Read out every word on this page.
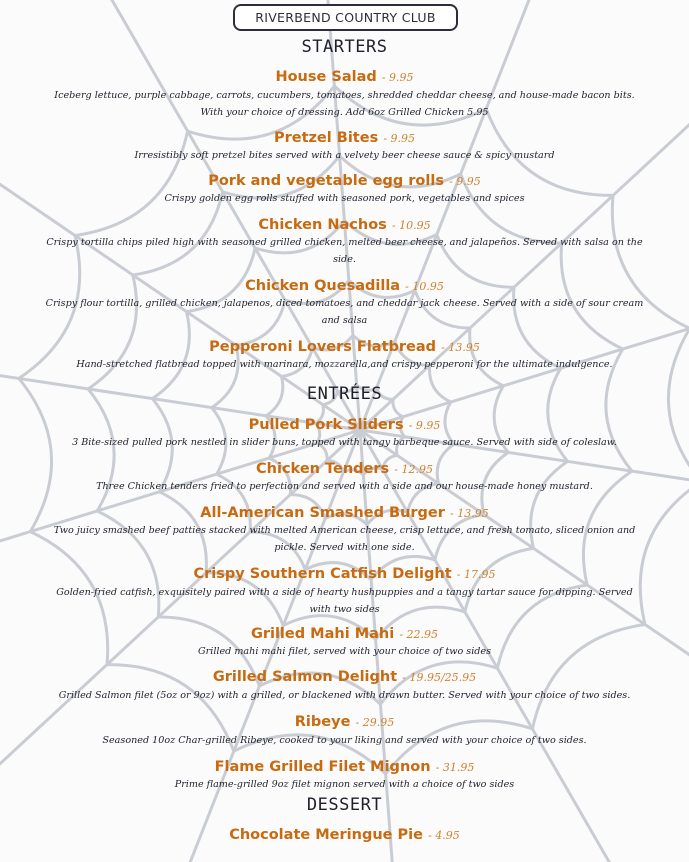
RIVERBEND COUNTRY CLUB
STARTERS
House Salad - 9.95
Iceberg lettuce, purple cabbage, carrots, cucumbers, tomatoes, shredded cheddar cheese, and house-made bacon bits. With your choice of dressing. Add 6oz Grilled Chicken 5.95
Pretzel Bites - 9.95
Irresistibly soft pretzel bites served with a velvety beer cheese sauce & spicy mustard
Pork and vegetable egg rolls - 9.95
Crispy golden egg rolls stuffed with seasoned pork, vegetables and spices
Chicken Nachos - 10.95
Crispy tortilla chips piled high with seasoned grilled chicken, melted beer cheese, and jalapeños. Served with salsa on the side.
Chicken Quesadilla - 10.95
Crispy flour tortilla, grilled chicken, jalapenos, diced tomatoes, and cheddar jack cheese. Served with a side of sour cream and salsa
Pepperoni Lovers Flatbread - 13.95
Hand-stretched flatbread topped with marinara, mozzarella,and crispy pepperoni for the ultimate indulgence.
ENTRÉES
Pulled Pork Sliders - 9.95
3 Bite-sized pulled pork nestled in slider buns, topped with tangy barbeque sauce. Served with side of coleslaw.
Chicken Tenders - 12.95
Three Chicken tenders fried to perfection and served with a side and our house-made honey mustard.
All-American Smashed Burger - 13.95
Two juicy smashed beef patties stacked with melted American cheese, crisp lettuce, and fresh tomato, sliced onion and pickle. Served with one side.
Crispy Southern Catfish Delight - 17.95
Golden-fried catfish, exquisitely paired with a side of hearty hushpuppies and a tangy tartar sauce for dipping. Served with two sides
Grilled Mahi Mahi - 22.95
Grilled mahi mahi filet, served with your choice of two sides
Grilled Salmon Delight - 19.95/25.95
Grilled Salmon filet (5oz or 9oz) with a grilled, or blackened with drawn butter. Served with your choice of two sides.
Ribeye - 29.95
Seasoned 10oz Char-grilled Ribeye, cooked to your liking and served with your choice of two sides.
Flame Grilled Filet Mignon - 31.95
Prime flame-grilled 9oz filet mignon served with a choice of two sides
DESSERT
Chocolate Meringue Pie - 4.95
